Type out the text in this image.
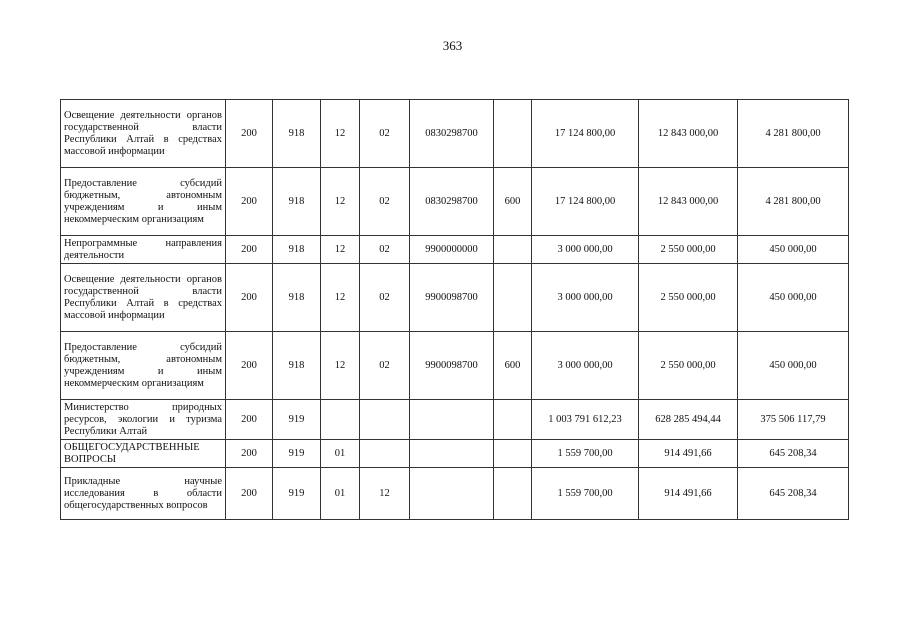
363
Освещение деятельности органов государственной власти Республики Алтай в средствах массовой информации	200	918	12	02	0830298700		17 124 800,00	12 843 000,00	4 281 800,00
Предоставление субсидий бюджетным, автономным учреждениям и иным некоммерческим организациям	200	918	12	02	0830298700	600	17 124 800,00	12 843 000,00	4 281 800,00
Непрограммные направления деятельности	200	918	12	02	9900000000		3 000 000,00	2 550 000,00	450 000,00
Освещение деятельности органов государственной власти Республики Алтай в средствах массовой информации	200	918	12	02	9900098700		3 000 000,00	2 550 000,00	450 000,00
Предоставление субсидий бюджетным, автономным учреждениям и иным некоммерческим организациям	200	918	12	02	9900098700	600	3 000 000,00	2 550 000,00	450 000,00
Министерство природных ресурсов, экологии и туризма Республики Алтай	200	919					1 003 791 612,23	628 285 494,44	375 506 117,79
ОБЩЕГОСУДАРСТВЕННЫЕ ВОПРОСЫ	200	919	01				1 559 700,00	914 491,66	645 208,34
Прикладные научные исследования в области общегосударственных вопросов	200	919	01	12			1 559 700,00	914 491,66	645 208,34
